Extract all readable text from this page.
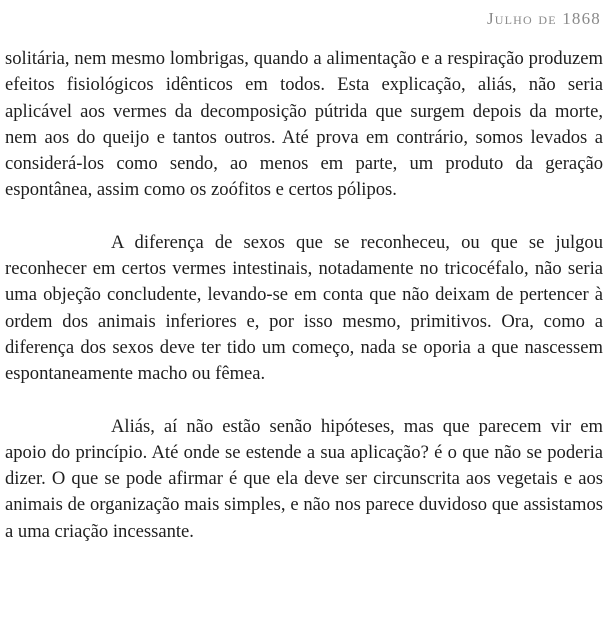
Julho de 1868

solitária, nem mesmo lombrigas, quando a alimentação e a respiração produzem efeitos fisiológicos idênticos em todos. Esta explicação, aliás, não seria aplicável aos vermes da decomposição pútrida que surgem depois da morte, nem aos do queijo e tantos outros. Até prova em contrário, somos levados a considerá-los como sendo, ao menos em parte, um produto da geração espontânea, assim como os zoófitos e certos pólipos.

A diferença de sexos que se reconheceu, ou que se julgou reconhecer em certos vermes intestinais, notadamente no tricocéfalo, não seria uma objeção concludente, levando-se em conta que não deixam de pertencer à ordem dos animais inferiores e, por isso mesmo, primitivos. Ora, como a diferença dos sexos deve ter tido um começo, nada se oporia a que nascessem espontaneamente macho ou fêmea.

Aliás, aí não estão senão hipóteses, mas que parecem vir em apoio do princípio. Até onde se estende a sua aplicação? é o que não se poderia dizer. O que se pode afirmar é que ela deve ser circunscrita aos vegetais e aos animais de organização mais simples, e não nos parece duvidoso que assistamos a uma criação incessante.
